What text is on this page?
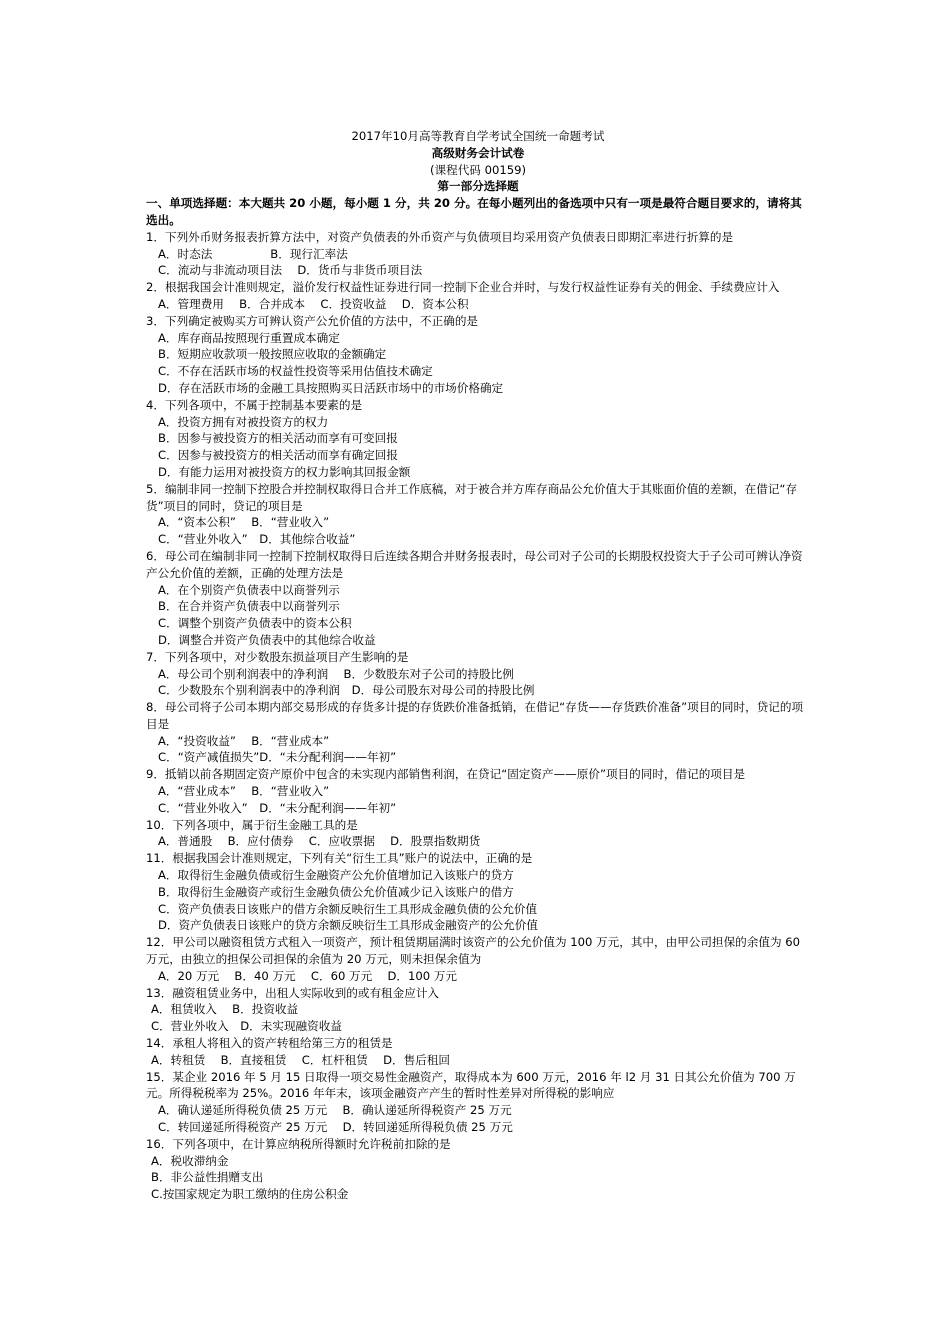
2017年10月高等教育自学考试全国统一命题考试
高级财务会计试卷
(课程代码 00159)
第一部分选择题
一、单项选择题：本大题共 20 小题，每小题 1 分，共 20 分。在每小题列出的备选项中只有一项是最符合题目要求的，请将其选出。
1．下列外币财务报表折算方法中，对资产负债表的外币资产与负债项目均采用资产负债表日即期汇率进行折算的是
A．时态法　　　　　B．现行汇率法
C．流动与非流动项目法　 D．货币与非货币项目法
2．根据我国会计准则规定，溢价发行权益性证券进行同一控制下企业合并时，与发行权益性证券有关的佣金、手续费应计入
A．管理费用　 B．合并成本　 C．投资收益　 D．资本公积
3．下列确定被购买方可辨认资产公允价值的方法中，不正确的是
A．库存商品按照现行重置成本确定
B．短期应收款项一般按照应收取的金额确定
C．不存在活跃市场的权益性投资等采用估值技术确定
D．存在活跃市场的金融工具按照购买日活跃市场中的市场价格确定
4．下列各项中，不属于控制基本要素的是
A．投资方拥有对被投资方的权力
B．因参与被投资方的相关活动而享有可变回报
C．因参与被投资方的相关活动而享有确定回报
D．有能力运用对被投资方的权力影响其回报金额
5．编制非同一控制下控股合并控制权取得日合并工作底稿，对于被合并方库存商品公允价值大于其账面价值的差额，在借记“存货”项目的同时，贷记的项目是
A．“资本公积”　 B．“营业收入”
C．“营业外收入”　D．其他综合收益”
6．母公司在编制非同一控制下控制权取得日后连续各期合并财务报表时，母公司对子公司的长期股权投资大于子公司可辨认净资产公允价值的差额，正确的处理方法是
A．在个别资产负债表中以商誉列示
B．在合并资产负债表中以商誉列示
C．调整个别资产负债表中的资本公积
D．调整合并资产负债表中的其他综合收益
7．下列各项中，对少数股东损益项目产生影响的是
A．母公司个别利润表中的净利润　 B．少数股东对子公司的持股比例
C．少数股东个别利润表中的净利润　D．母公司股东对母公司的持股比例
8．母公司将子公司本期内部交易形成的存货多计提的存货跌价准备抵销，在借记“存货——存货跌价准备”项目的同时，贷记的项目是
A．“投资收益”　 B．“营业成本”
C．“资产减值损失”D．“未分配利润——年初”
9．抵销以前各期固定资产原价中包含的未实现内部销售利润，在贷记“固定资产——原价”项目的同时，借记的项目是
A．“营业成本”　 B．“营业收入”
C．“营业外收入”　D．“未分配利润——年初”
10．下列各项中，属于衍生金融工具的是
A．普通股　 B．应付债券　 C．应收票据　 D．股票指数期货
11．根据我国会计准则规定，下列有关“衍生工具”账户的说法中，正确的是
A．取得衍生金融负债或衍生金融资产公允价值增加记入该账户的贷方
B．取得衍生金融资产或衍生金融负债公允价值减少记入该账户的借方
C．资产负债表日该账户的借方余额反映衍生工具形成金融负债的公允价值
D．资产负债表日该账户的贷方余额反映衍生工具形成金融资产的公允价值
12．甲公司以融资租赁方式租入一项资产，预计租赁期届满时该资产的公允价值为 100 万元，其中，由甲公司担保的余值为 60 万元，由独立的担保公司担保的余值为 20 万元，则未担保余值为
A．20 万元　 B．40 万元　 C．60 万元　 D．100 万元
13．融资租赁业务中，出租人实际收到的或有租金应计入
A．租赁收入　 B．投资收益
C．营业外收入　D．未实现融资收益
14．承租人将租入的资产转租给第三方的租赁是
A．转租赁　 B．直接租赁　 C．杠杆租赁　 D．售后租回
15．某企业 2016 年 5 月 15 日取得一项交易性金融资产，取得成本为 600 万元，2016 年 l2 月 31 日其公允价值为 700 万元。所得税税率为 25%。2016 年年末，该项金融资产产生的暂时性差异对所得税的影响应
A．确认递延所得税负债 25 万元　 B．确认递延所得税资产 25 万元
C．转回递延所得税资产 25 万元　 D．转回递延所得税负债 25 万元
16．下列各项中，在计算应纳税所得额时允许税前扣除的是
A．税收滞纳金
B．非公益性捐赠支出
C.按国家规定为职工缴纳的住房公积金
